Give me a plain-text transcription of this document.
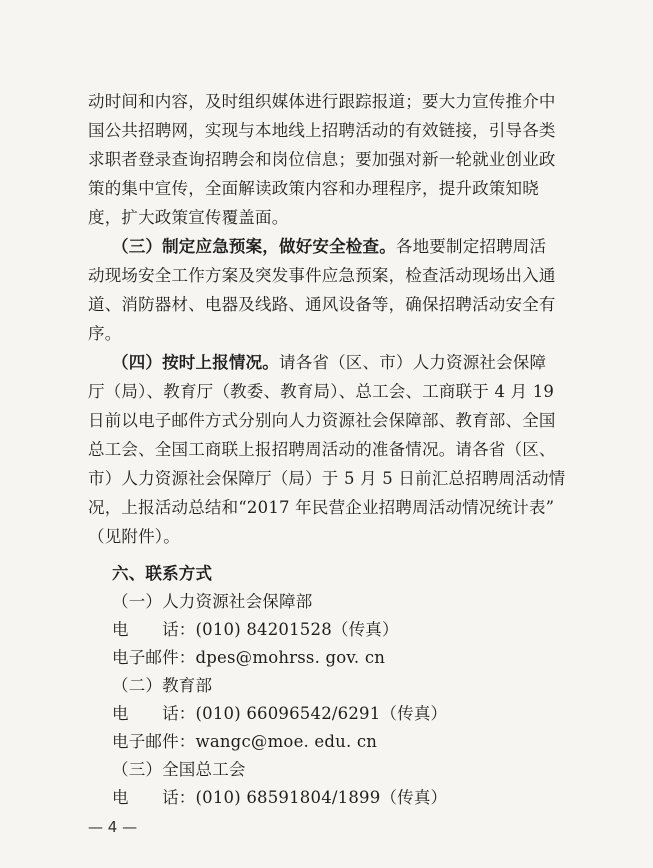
动时间和内容，及时组织媒体进行跟踪报道；要大力宣传推介中
国公共招聘网，实现与本地线上招聘活动的有效链接，引导各类
求职者登录查询招聘会和岗位信息；要加强对新一轮就业创业政
策的集中宣传，全面解读政策内容和办理程序，提升政策知晓
度，扩大政策宣传覆盖面。
（三）制定应急预案，做好安全检查。各地要制定招聘周活
动现场安全工作方案及突发事件应急预案，检查活动现场出入通
道、消防器材、电器及线路、通风设备等，确保招聘活动安全有
序。
（四）按时上报情况。请各省（区、市）人力资源社会保障
厅（局）、教育厅（教委、教育局）、总工会、工商联于 4 月 19
日前以电子邮件方式分别向人力资源社会保障部、教育部、全国
总工会、全国工商联上报招聘周活动的准备情况。请各省（区、
市）人力资源社会保障厅（局）于 5 月 5 日前汇总招聘周活动情
况，上报活动总结和“2017 年民营企业招聘周活动情况统计表”
（见附件）。
六、联系方式
（一）人力资源社会保障部
电　　话：(010) 84201528（传真）
电子邮件：dpes@mohrss. gov. cn
（二）教育部
电　　话：(010) 66096542/6291（传真）
电子邮件：wangc@moe. edu. cn
（三）全国总工会
电　　话：(010) 68591804/1899（传真）
— 4 —
